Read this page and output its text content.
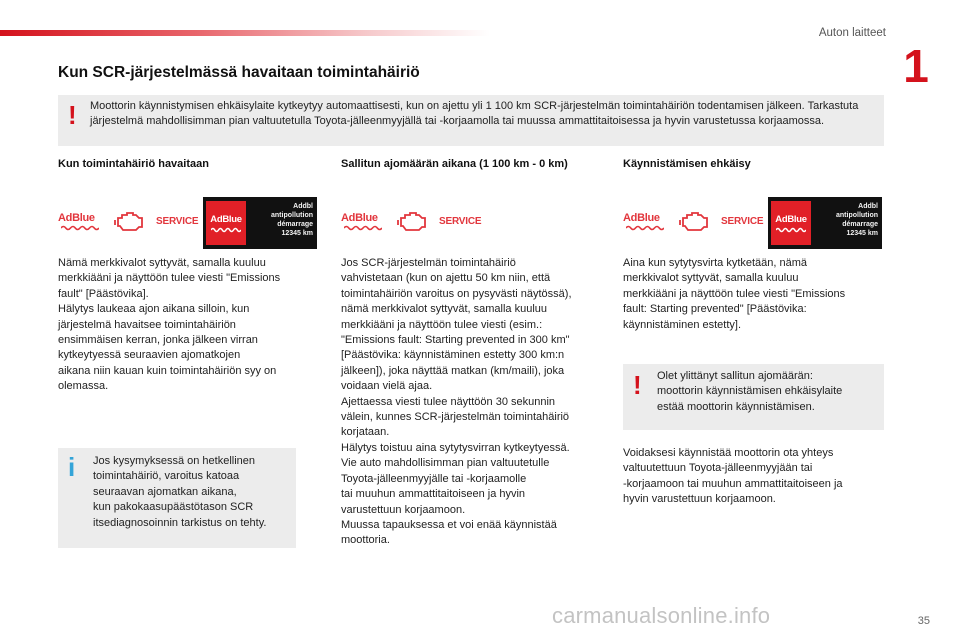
Auton laitteet
1
Kun SCR-järjestelmässä havaitaan toimintahäiriö
! Moottorin käynnistymisen ehkäisylaite kytkeytyy automaattisesti, kun on ajettu yli 1 100 km SCR-järjestelmän toimintahäiriön todentamisen jälkeen. Tarkastuta järjestelmä mahdollisimman pian valtuutetulla Toyota-jälleenmyyjällä tai -korjaamolla tai muussa ammattitaitoisessa ja hyvin varustetussa korjaamossa.
Kun toimintahäiriö havaitaan	Sallitun ajomäärän aikana (1 100 km - 0 km)	Käynnistämisen ehkäisy
AdBlue	SERVICE	AdBlue
Addbl
antipollution
démarrage
12345 km
AdBlue	SERVICE	AdBlue	SERVICE	AdBlue
Addbl
antipollution
démarrage
12345 km
Nämä merkkivalot syttyvät, samalla kuuluu
merkkiääni ja näyttöön tulee viesti "Emissions
fault" [Päästövika].
Hälytys laukeaa ajon aikana silloin, kun
järjestelmä havaitsee toimintahäiriön
ensimmäisen kerran, jonka jälkeen virran
kytkeytyessä seuraavien ajomatkojen
aikana niin kauan kuin toimintahäiriön syy on
olemassa.
Jos SCR-järjestelmän toimintahäiriö
vahvistetaan (kun on ajettu 50 km niin, että
toimintahäiriön varoitus on pysyvästi näytössä),
nämä merkkivalot syttyvät, samalla kuuluu
merkkiääni ja näyttöön tulee viesti (esim.:
"Emissions fault: Starting prevented in 300 km"
[Päästövika: käynnistäminen estetty 300 km:n
jälkeen]), joka näyttää matkan (km/maili), joka
voidaan vielä ajaa.
Ajettaessa viesti tulee näyttöön 30 sekunnin
välein, kunnes SCR-järjestelmän toimintahäiriö
korjataan.
Hälytys toistuu aina sytytysvirran kytkeytyessä.
Vie auto mahdollisimman pian valtuutetulle
Toyota-jälleenmyyjälle tai -korjaamolle
tai muuhun ammattitaitoiseen ja hyvin
varustettuun korjaamoon.
Muussa tapauksessa et voi enää käynnistää
moottoria.
Aina kun sytytysvirta kytketään, nämä
merkkivalot syttyvät, samalla kuuluu
merkkiääni ja näyttöön tulee viesti "Emissions
fault: Starting prevented" [Päästövika:
käynnistäminen estetty].
i Jos kysymyksessä on hetkellinen
toimintahäiriö, varoitus katoaa
seuraavan ajomatkan aikana,
kun pakokaasupäästötason SCR
itsediagnosoinnin tarkistus on tehty.
! Olet ylittänyt sallitun ajomäärän:
moottorin käynnistämisen ehkäisylaite
estää moottorin käynnistämisen.
Voidaksesi käynnistää moottorin ota yhteys
valtuutettuun Toyota-jälleenmyyjään tai
-korjaamoon tai muuhun ammattitaitoiseen ja
hyvin varustettuun korjaamoon.
carmanualsonline.info	35
